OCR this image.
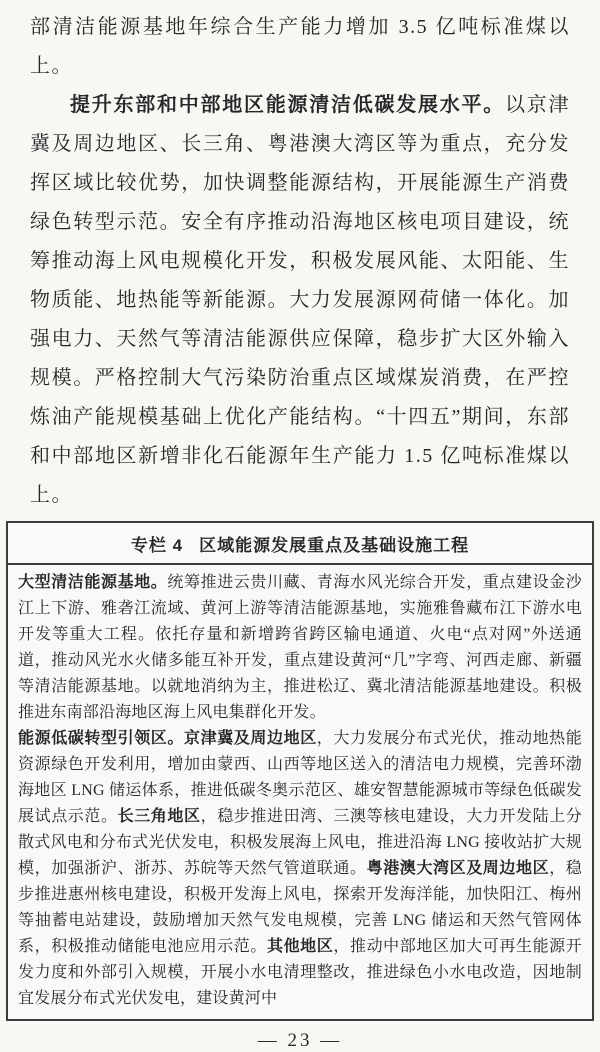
部清洁能源基地年综合生产能力增加 3.5 亿吨标准煤以上。

提升东部和中部地区能源清洁低碳发展水平。以京津冀及周边地区、长三角、粤港澳大湾区等为重点，充分发挥区域比较优势，加快调整能源结构，开展能源生产消费绿色转型示范。安全有序推动沿海地区核电项目建设，统筹推动海上风电规模化开发，积极发展风能、太阳能、生物质能、地热能等新能源。大力发展源网荷储一体化。加强电力、天然气等清洁能源供应保障，稳步扩大区外输入规模。严格控制大气污染防治重点区域煤炭消费，在严控炼油产能规模基础上优化产能结构。“十四五”期间，东部和中部地区新增非化石能源年生产能力 1.5 亿吨标准煤以上。

专栏 4 区域能源发展重点及基础设施工程

大型清洁能源基地。统筹推进云贵川藏、青海水风光综合开发，重点建设金沙江上下游、雅砻江流域、黄河上游等清洁能源基地，实施雅鲁藏布江下游水电开发等重大工程。依托存量和新增跨省跨区输电通道、火电“点对网”外送通道，推动风光水火储多能互补开发，重点建设黄河“几”字弯、河西走廊、新疆等清洁能源基地。以就地消纳为主，推进松辽、冀北清洁能源基地建设。积极推进东南部沿海地区海上风电集群化开发。

能源低碳转型引领区。京津冀及周边地区，大力发展分布式光伏，推动地热能资源绿色开发利用，增加由蒙西、山西等地区送入的清洁电力规模，完善环渤海地区 LNG 储运体系，推进低碳冬奥示范区、雄安智慧能源城市等绿色低碳发展试点示范。长三角地区，稳步推进田湾、三澳等核电建设，大力开发陆上分散式风电和分布式光伏发电，积极发展海上风电，推进沿海 LNG 接收站扩大规模，加强浙沪、浙苏、苏皖等天然气管道联通。粤港澳大湾区及周边地区，稳步推进惠州核电建设，积极开发海上风电，探索开发海洋能，加快阳江、梅州等抽蓄电站建设，鼓励增加天然气发电规模，完善 LNG 储运和天然气管网体系，积极推动储能电池应用示范。其他地区，推动中部地区加大可再生能源开发力度和外部引入规模，开展小水电清理整改，推进绿色小水电改造，因地制宜发展分布式光伏发电，建设黄河中

— 23 —
